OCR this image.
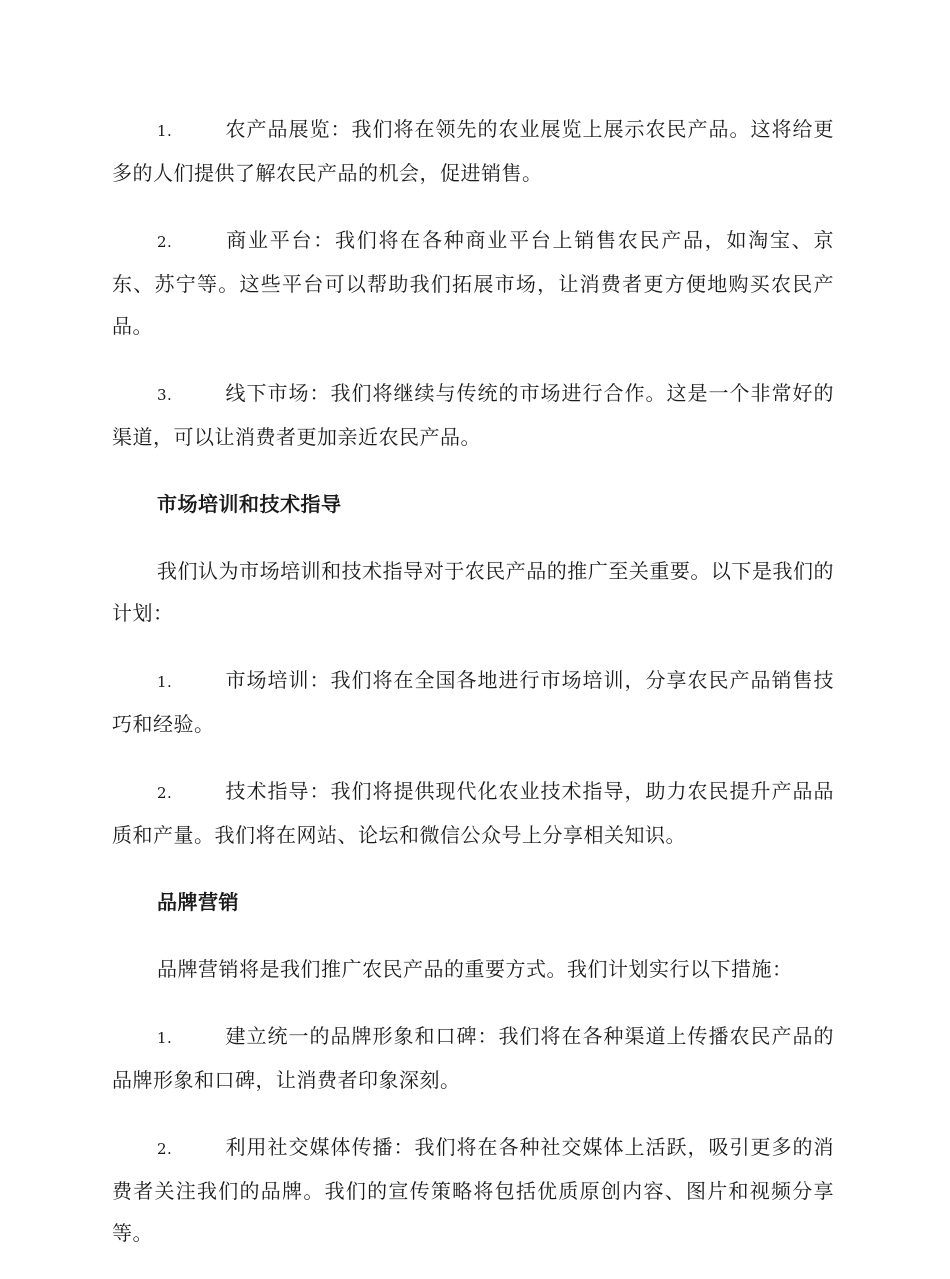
1.	农产品展览：我们将在领先的农业展览上展示农民产品。这将给更多的人们提供了解农民产品的机会，促进销售。

2.	商业平台：我们将在各种商业平台上销售农民产品，如淘宝、京东、苏宁等。这些平台可以帮助我们拓展市场，让消费者更方便地购买农民产品。

3.	线下市场：我们将继续与传统的市场进行合作。这是一个非常好的渠道，可以让消费者更加亲近农民产品。

市场培训和技术指导

我们认为市场培训和技术指导对于农民产品的推广至关重要。以下是我们的计划：

1.	市场培训：我们将在全国各地进行市场培训，分享农民产品销售技巧和经验。

2.	技术指导：我们将提供现代化农业技术指导，助力农民提升产品品质和产量。我们将在网站、论坛和微信公众号上分享相关知识。

品牌营销

品牌营销将是我们推广农民产品的重要方式。我们计划实行以下措施：

1.	建立统一的品牌形象和口碑：我们将在各种渠道上传播农民产品的品牌形象和口碑，让消费者印象深刻。

2.	利用社交媒体传播：我们将在各种社交媒体上活跃，吸引更多的消费者关注我们的品牌。我们的宣传策略将包括优质原创内容、图片和视频分享等。
